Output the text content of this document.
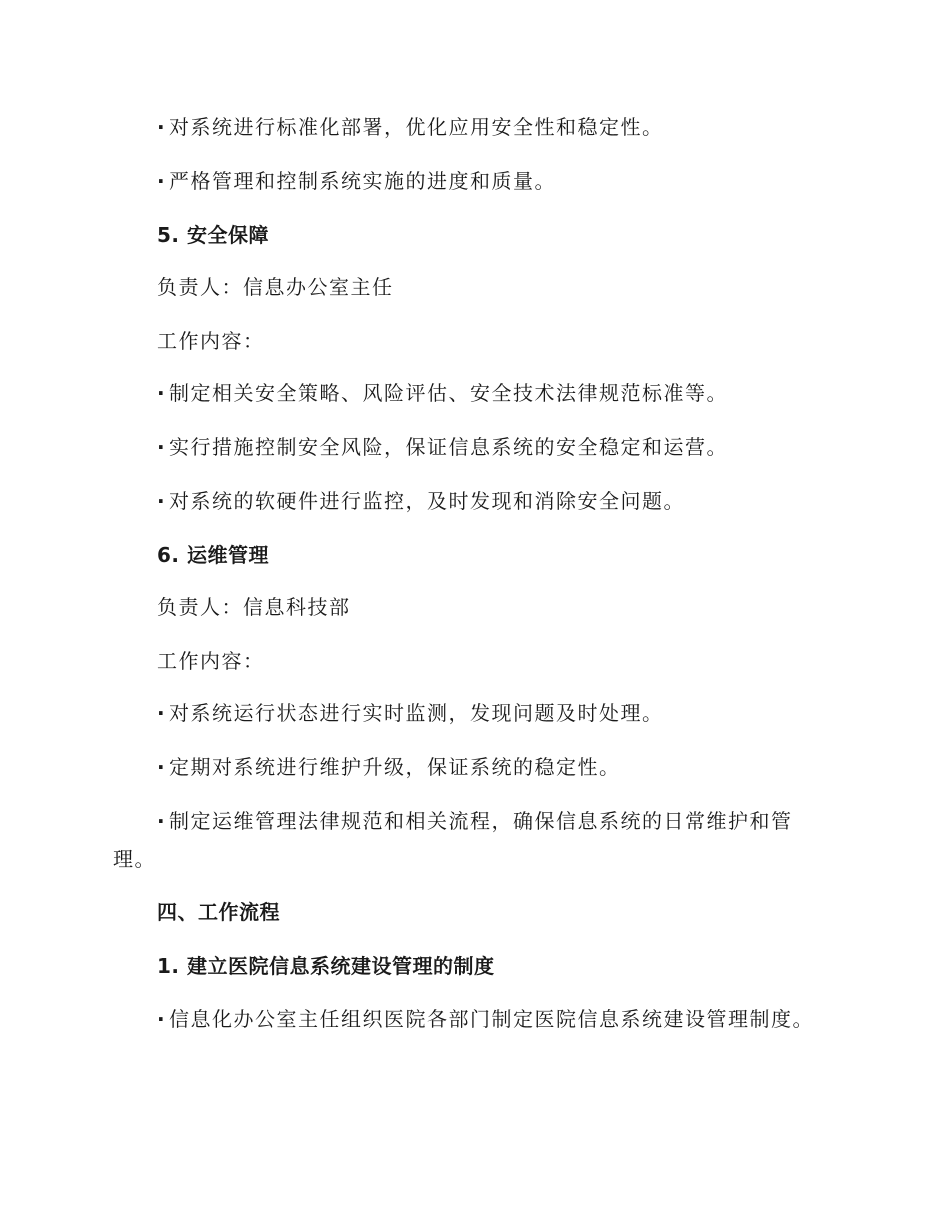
· 对系统进行标准化部署，优化应用安全性和稳定性。
· 严格管理和控制系统实施的进度和质量。
5. 安全保障
负责人：信息办公室主任
工作内容：
· 制定相关安全策略、风险评估、安全技术法律规范标准等。
· 实行措施控制安全风险，保证信息系统的安全稳定和运营。
· 对系统的软硬件进行监控，及时发现和消除安全问题。
6. 运维管理
负责人：信息科技部
工作内容：
· 对系统运行状态进行实时监测，发现问题及时处理。
· 定期对系统进行维护升级，保证系统的稳定性。
· 制定运维管理法律规范和相关流程，确保信息系统的日常维护和管
理。
四、工作流程
1. 建立医院信息系统建设管理的制度
· 信息化办公室主任组织医院各部门制定医院信息系统建设管理制度。
